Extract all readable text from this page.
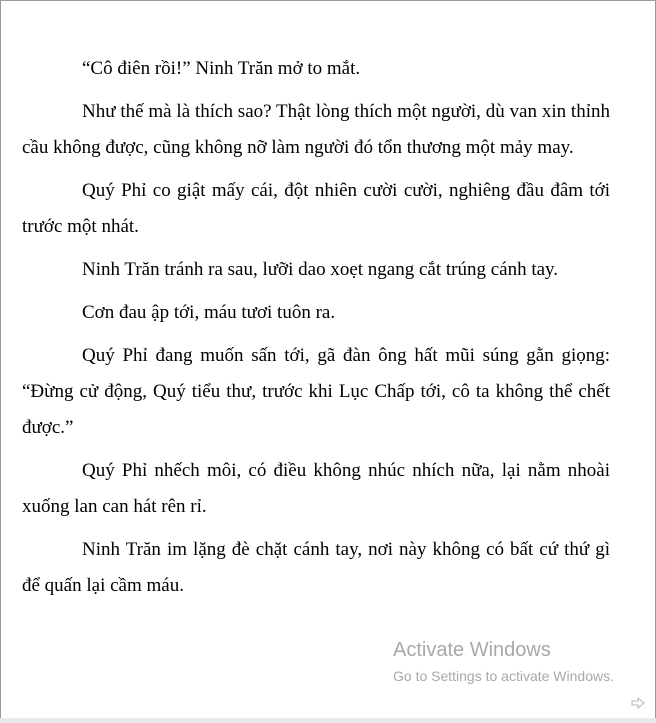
“Cô điên rồi!” Ninh Trăn mở to mắt.

Như thế mà là thích sao? Thật lòng thích một người, dù van xin thỉnh cầu không được, cũng không nỡ làm người đó tổn thương một mảy may.

Quý Phỉ co giật mấy cái, đột nhiên cười cười, nghiêng đầu đâm tới trước một nhát.

Ninh Trăn tránh ra sau, lưỡi dao xoẹt ngang cắt trúng cánh tay.

Cơn đau ập tới, máu tươi tuôn ra.

Quý Phỉ đang muốn sấn tới, gã đàn ông hất mũi súng gằn giọng: “Đừng cử động, Quý tiểu thư, trước khi Lục Chấp tới, cô ta không thể chết được.”

Quý Phỉ nhếch môi, có điều không nhúc nhích nữa, lại nằm nhoài xuống lan can hát rên rỉ.

Ninh Trăn im lặng đè chặt cánh tay, nơi này không có bất cứ thứ gì để quấn lại cầm máu.

Activate Windows
Go to Settings to activate Windows.
